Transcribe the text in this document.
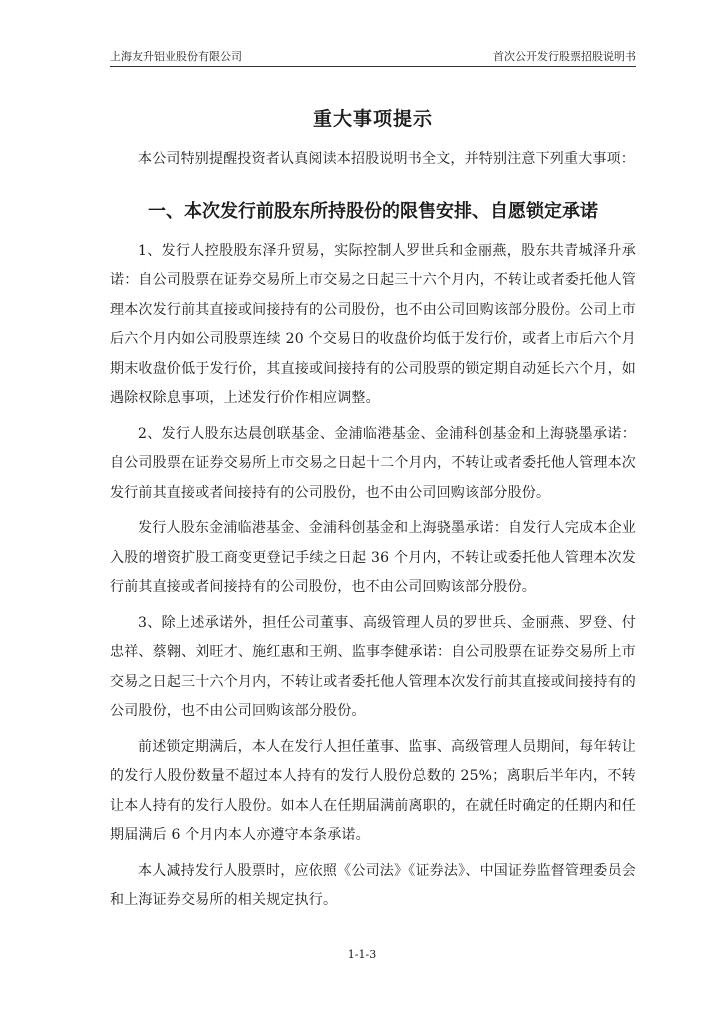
上海友升铝业股份有限公司	首次公开发行股票招股说明书
重大事项提示

本公司特别提醒投资者认真阅读本招股说明书全文，并特别注意下列重大事项：

一、本次发行前股东所持股份的限售安排、自愿锁定承诺

1、发行人控股股东泽升贸易，实际控制人罗世兵和金丽燕，股东共青城泽升承诺：自公司股票在证券交易所上市交易之日起三十六个月内，不转让或者委托他人管理本次发行前其直接或间接持有的公司股份，也不由公司回购该部分股份。公司上市后六个月内如公司股票连续 20 个交易日的收盘价均低于发行价，或者上市后六个月期末收盘价低于发行价，其直接或间接持有的公司股票的锁定期自动延长六个月，如遇除权除息事项，上述发行价作相应调整。

2、发行人股东达晨创联基金、金浦临港基金、金浦科创基金和上海骁墨承诺：自公司股票在证券交易所上市交易之日起十二个月内，不转让或者委托他人管理本次发行前其直接或者间接持有的公司股份，也不由公司回购该部分股份。

发行人股东金浦临港基金、金浦科创基金和上海骁墨承诺：自发行人完成本企业入股的增资扩股工商变更登记手续之日起 36 个月内，不转让或委托他人管理本次发行前其直接或者间接持有的公司股份，也不由公司回购该部分股份。

3、除上述承诺外，担任公司董事、高级管理人员的罗世兵、金丽燕、罗登、付忠祥、蔡翱、刘旺才、施红惠和王朔、监事李健承诺：自公司股票在证券交易所上市交易之日起三十六个月内，不转让或者委托他人管理本次发行前其直接或间接持有的公司股份，也不由公司回购该部分股份。

前述锁定期满后，本人在发行人担任董事、监事、高级管理人员期间，每年转让的发行人股份数量不超过本人持有的发行人股份总数的 25%；离职后半年内，不转让本人持有的发行人股份。如本人在任期届满前离职的，在就任时确定的任期内和任期届满后 6 个月内本人亦遵守本条承诺。

本人减持发行人股票时，应依照《公司法》《证券法》、中国证券监督管理委员会和上海证券交易所的相关规定执行。

1-1-3
